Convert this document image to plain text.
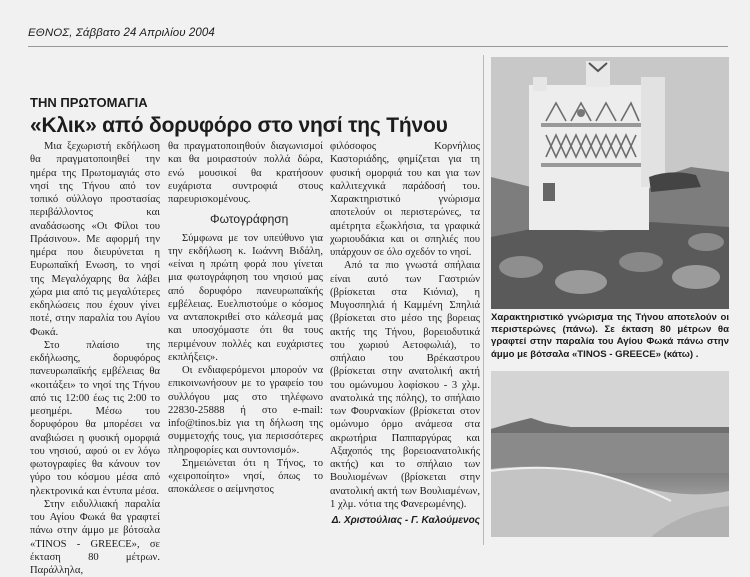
ΕΘΝΟΣ, Σάββατο 24 Απριλίου 2004
ΤΗΝ ΠΡΩΤΟΜΑΓΙΑ
«Κλικ» από δορυφόρο στο νησί της Τήνου

Μια ξεχωριστή εκδήλωση θα πραγματοποιηθεί την ημέρα της Πρωτομαγιάς στο νησί της Τήνου από τον τοπικό σύλλογο προστασίας περιβάλλοντος και αναδάσωσης «Οι Φίλοι του Πράσινου». Με αφορμή την ημέρα που διευρύνεται η Ευρωπαϊκή Ενωση, το νησί της Μεγαλόχαρης θα λάβει χώρα μια από τις μεγαλύτερες εκδηλώσεις που έχουν γίνει ποτέ, στην παραλία του Αγίου Φωκά.

Στο πλαίσιο της εκδήλωσης, δορυφόρος πανευρωπαϊκής εμβέλειας θα «κοιτάξει» το νησί της Τήνου από τις 12:00 έως τις 2:00 το μεσημέρι. Μέσω του δορυφόρου θα μπορέσει να αναβιώσει η φυσική ομορφιά του νησιού, αφού οι εν λόγω φωτογραφίες θα κάνουν τον γύρο του κόσμου μέσα από ηλεκτρονικά και έντυπα μέσα.

Στην ειδυλλιακή παραλία του Αγίου Φωκά θα γραφτεί πάνω στην άμμο με βότσαλα «TINOS - GREECE», σε έκταση 80 μέτρων. Παράλληλα,

θα πραγματοποιηθούν διαγωνισμοί και θα μοιραστούν πολλά δώρα, ενώ μουσικοί θα κρατήσουν ευχάριστα συντροφιά στους παρευρισκομένους.

Φωτογράφηση

Σύμφωνα με τον υπεύθυνο για την εκδήλωση κ. Ιωάννη Βιδάλη, «είναι η πρώτη φορά που γίνεται μια φωτογράφηση του νησιού μας από δορυφόρο πανευρωπαϊκής εμβέλειας. Ευελπιστούμε ο κόσμος να ανταποκριθεί στο κάλεσμά μας και υποσχόμαστε ότι θα τους περιμένουν πολλές και ευχάριστες εκπλήξεις».

Οι ενδιαφερόμενοι μπορούν να επικοινωνήσουν με το γραφείο του συλλόγου μας στο τηλέφωνο 22830-25888 ή στο e-mail: info@tinos.biz για τη δήλωση της συμμετοχής τους, για περισσότερες πληροφορίες και συντονισμό».

Σημειώνεται ότι η Τήνος, το «χειροποίητο» νησί, όπως το αποκάλεσε ο αείμνηστος

φιλόσοφος Κορνήλιος Καστοριάδης, φημίζεται για τη φυσική ομορφιά του και για των καλλιτεχνικά παράδοσή του. Χαρακτηριστικό γνώρισμα αποτελούν οι περιστερώνες, τα αμέτρητα εξωκλήσια, τα γραφικά χωριουδάκια και οι σπηλιές που υπάρχουν σε όλο σχεδόν το νησί.

Από τα πιο γνωστά σπήλαια είναι αυτό των Γαστριών (βρίσκεται στα Κιόνια), η Μυγοσπηλιά ή Καμμένη Σπηλιά (βρίσκεται στο μέσο της βορειας ακτής της Τήνου, βορειοδυτικά του χωριού Αετοφωλιά), το σπήλαιο του Βρέκαστρου (βρίσκεται στην ανατολική ακτή του ομώνυμου λοφίσκου - 3 χλμ. ανατολικά της πόλης), το σπήλαιο των Φουρνακίων (βρίσκεται στον ομώνυμο όρμο ανάμεσα στα ακρωτήρια Παππαργύρας και Αξαχοπός της βορειοανατολικής ακτής) και το σπήλαιο των Βουλιομένων (βρίσκεται στην ανατολική ακτή των Βουλιαμένων, 1 χλμ. νότια της Φανερωμένης).

Δ. Χριστούλιας - Γ. Καλούμενος

Χαρακτηριστικό γνώρισμα της Τήνου αποτελούν οι περιστερώνες (πάνω). Σε έκταση 80 μέτρων θα γραφτεί στην παραλία του Αγίου Φωκά πάνω στην άμμο με βότσαλα «TINOS - GREECE» (κάτω) .
